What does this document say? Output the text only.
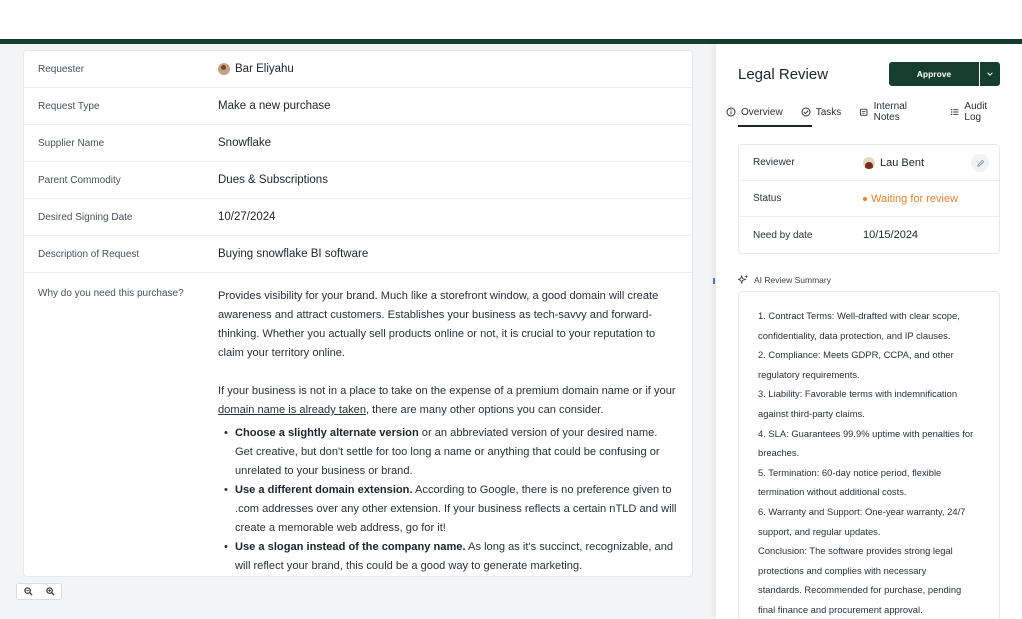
Requester	Bar Eliyahu
Request Type	Make a new purchase
Supplier Name	Snowflake
Parent Commodity	Dues & Subscriptions
Desired Signing Date	10/27/2024
Description of Request	Buying snowflake BI software
Why do you need this purchase?	Provides visibility for your brand. Much like a storefront window, a good domain will create awareness and attract customers. Establishes your business as tech-savvy and forward-thinking. Whether you actually sell products online or not, it is crucial to your reputation to claim your territory online.

If your business is not in a place to take on the expense of a premium domain name or if your domain name is already taken, there are many other options you can consider.

• Choose a slightly alternate version or an abbreviated version of your desired name. Get creative, but don't settle for too long a name or anything that could be confusing or unrelated to your business or brand.
• Use a different domain extension. According to Google, there is no preference given to .com addresses over any other extension. If your business reflects a certain nTLD and will create a memorable web address, go for it!
• Use a slogan instead of the company name. As long as it's succinct, recognizable, and will reflect your brand, this could be a good way to generate marketing.
Legal Review	Approve
Overview	Tasks	Internal Notes
Audit Log
Reviewer	Lau Bent
Status	Waiting for review
Need by date	10/15/2024
AI Review Summary
1. Contract Terms: Well-drafted with clear scope,
confidentiality, data protection, and IP clauses.
2. Compliance: Meets GDPR, CCPA, and other
regulatory requirements.
3. Liability: Favorable terms with indemnification
against third-party claims.
4. SLA: Guarantees 99.9% uptime with penalties for
breaches.
5. Termination: 60-day notice period, flexible
termination without additional costs.
6. Warranty and Support: One-year warranty, 24/7
support, and regular updates.
Conclusion: The software provides strong legal
protections and complies with necessary
standards. Recommended for purchase, pending
final finance and procurement approval.
